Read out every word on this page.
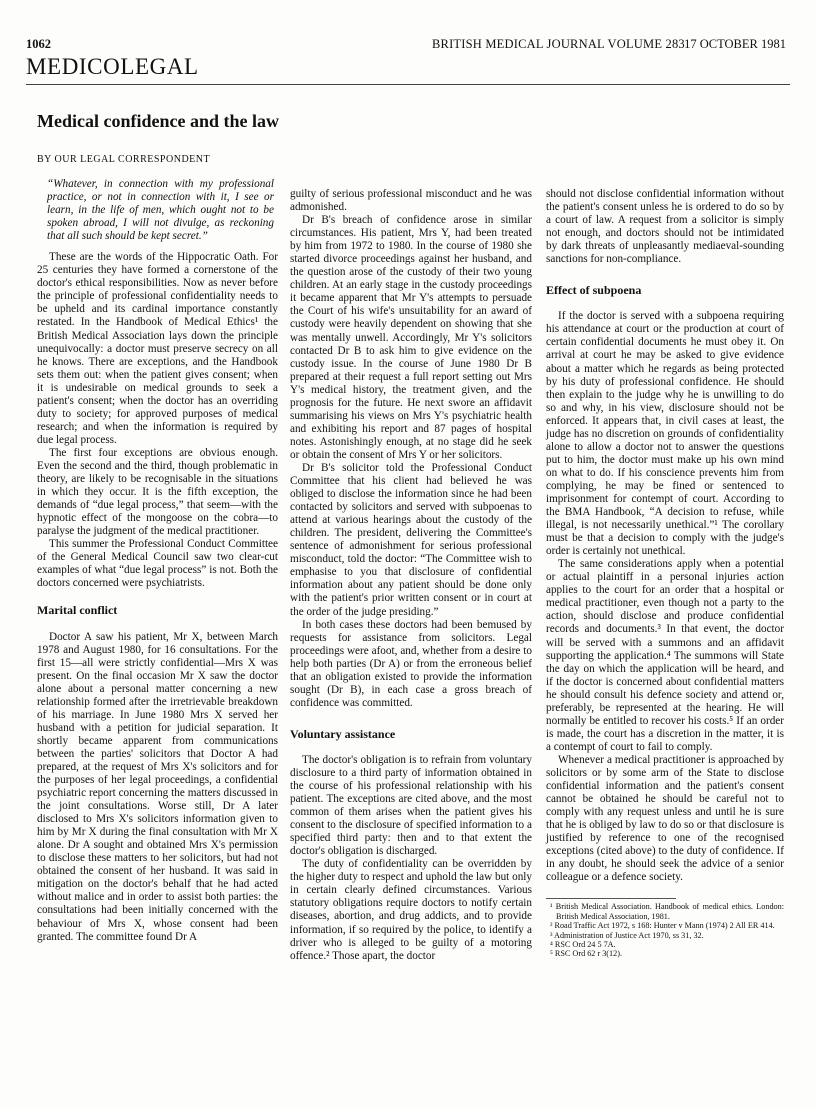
1062	BRITISH MEDICAL JOURNAL VOLUME 283 17 OCTOBER 1981
MEDICOLEGAL
Medical confidence and the law
BY OUR LEGAL CORRESPONDENT

“Whatever, in connection with my professional practice, or not in connection with it, I see or learn, in the life of men, which ought not to be spoken abroad, I will not divulge, as reckoning that all such should be kept secret.”

These are the words of the Hippocratic Oath. For 25 centuries they have formed a cornerstone of the doctor's ethical responsibilities. Now as never before the principle of professional confidentiality needs to be upheld and its cardinal importance constantly restated. In the Handbook of Medical Ethics¹ the British Medical Association lays down the principle unequivocally: a doctor must preserve secrecy on all he knows. There are exceptions, and the Handbook sets them out: when the patient gives consent; when it is undesirable on medical grounds to seek a patient's consent; when the doctor has an overriding duty to society; for approved purposes of medical research; and when the information is required by due legal process.

The first four exceptions are obvious enough. Even the second and the third, though problematic in theory, are likely to be recognisable in the situations in which they occur. It is the fifth exception, the demands of “due legal process,” that seem—with the hypnotic effect of the mongoose on the cobra—to paralyse the judgment of the medical practitioner.

This summer the Professional Conduct Committee of the General Medical Council saw two clear-cut examples of what “due legal process” is not. Both the doctors concerned were psychiatrists.

Marital conflict

Doctor A saw his patient, Mr X, between March 1978 and August 1980, for 16 consultations. For the first 15—all were strictly confidential—Mrs X was present. On the final occasion Mr X saw the doctor alone about a personal matter concerning a new relationship formed after the irretrievable breakdown of his marriage. In June 1980 Mrs X served her husband with a petition for judicial separation. It shortly became apparent from communications between the parties' solicitors that Doctor A had prepared, at the request of Mrs X's solicitors and for the purposes of her legal proceedings, a confidential psychiatric report concerning the matters discussed in the joint consultations. Worse still, Dr A later disclosed to Mrs X's solicitors information given to him by Mr X during the final consultation with Mr X alone. Dr A sought and obtained Mrs X's permission to disclose these matters to her solicitors, but had not obtained the consent of her husband. It was said in mitigation on the doctor's behalf that he had acted without malice and in order to assist both parties: the consultations had been initially concerned with the behaviour of Mrs X, whose consent had been granted. The committee found Dr A

guilty of serious professional misconduct and he was admonished.

Dr B's breach of confidence arose in similar circumstances. His patient, Mrs Y, had been treated by him from 1972 to 1980. In the course of 1980 she started divorce proceedings against her husband, and the question arose of the custody of their two young children. At an early stage in the custody proceedings it became apparent that Mr Y's attempts to persuade the Court of his wife's unsuitability for an award of custody were heavily dependent on showing that she was mentally unwell. Accordingly, Mr Y's solicitors contacted Dr B to ask him to give evidence on the custody issue. In the course of June 1980 Dr B prepared at their request a full report setting out Mrs Y's medical history, the treatment given, and the prognosis for the future. He next swore an affidavit summarising his views on Mrs Y's psychiatric health and exhibiting his report and 87 pages of hospital notes. Astonishingly enough, at no stage did he seek or obtain the consent of Mrs Y or her solicitors.

Dr B's solicitor told the Professional Conduct Committee that his client had believed he was obliged to disclose the information since he had been contacted by solicitors and served with subpoenas to attend at various hearings about the custody of the children. The president, delivering the Committee's sentence of admonishment for serious professional misconduct, told the doctor: “The Committee wish to emphasise to you that disclosure of confidential information about any patient should be done only with the patient's prior written consent or in court at the order of the judge presiding.”

In both cases these doctors had been bemused by requests for assistance from solicitors. Legal proceedings were afoot, and, whether from a desire to help both parties (Dr A) or from the erroneous belief that an obligation existed to provide the information sought (Dr B), in each case a gross breach of confidence was committed.

Voluntary assistance

The doctor's obligation is to refrain from voluntary disclosure to a third party of information obtained in the course of his professional relationship with his patient. The exceptions are cited above, and the most common of them arises when the patient gives his consent to the disclosure of specified information to a specified third party: then and to that extent the doctor's obligation is discharged.

The duty of confidentiality can be overridden by the higher duty to respect and uphold the law but only in certain clearly defined circumstances. Various statutory obligations require doctors to notify certain diseases, abortion, and drug addicts, and to provide information, if so required by the police, to identify a driver who is alleged to be guilty of a motoring offence.² Those apart, the doctor

should not disclose confidential information without the patient's consent unless he is ordered to do so by a court of law. A request from a solicitor is simply not enough, and doctors should not be intimidated by dark threats of unpleasantly mediaeval-sounding sanctions for non-compliance.

Effect of subpoena

If the doctor is served with a subpoena requiring his attendance at court or the production at court of certain confidential documents he must obey it. On arrival at court he may be asked to give evidence about a matter which he regards as being protected by his duty of professional confidence. He should then explain to the judge why he is unwilling to do so and why, in his view, disclosure should not be enforced. It appears that, in civil cases at least, the judge has no discretion on grounds of confidentiality alone to allow a doctor not to answer the questions put to him, the doctor must make up his own mind on what to do. If his conscience prevents him from complying, he may be fined or sentenced to imprisonment for contempt of court. According to the BMA Handbook, “A decision to refuse, while illegal, is not necessarily unethical.”¹ The corollary must be that a decision to comply with the judge's order is certainly not unethical.

The same considerations apply when a potential or actual plaintiff in a personal injuries action applies to the court for an order that a hospital or medical practitioner, even though not a party to the action, should disclose and produce confidential records and documents.³ In that event, the doctor will be served with a summons and an affidavit supporting the application.⁴ The summons will State the day on which the application will be heard, and if the doctor is concerned about confidential matters he should consult his defence society and attend or, preferably, be represented at the hearing. He will normally be entitled to recover his costs.⁵ If an order is made, the court has a discretion in the matter, it is a contempt of court to fail to comply.

Whenever a medical practitioner is approached by solicitors or by some arm of the State to disclose confidential information and the patient's consent cannot be obtained he should be careful not to comply with any request unless and until he is sure that he is obliged by law to do so or that disclosure is justified by reference to one of the recognised exceptions (cited above) to the duty of confidence. If in any doubt, he should seek the advice of a senior colleague or a defence society.

¹ British Medical Association. Handbook of medical ethics. London: British Medical Association, 1981.
² Road Traffic Act 1972, s 168: Hunter v Mann (1974) 2 All ER 414.
³ Administration of Justice Act 1970, ss 31, 32.
⁴ RSC Ord 24 5 7A.
⁵ RSC Ord 62 r 3(12).
